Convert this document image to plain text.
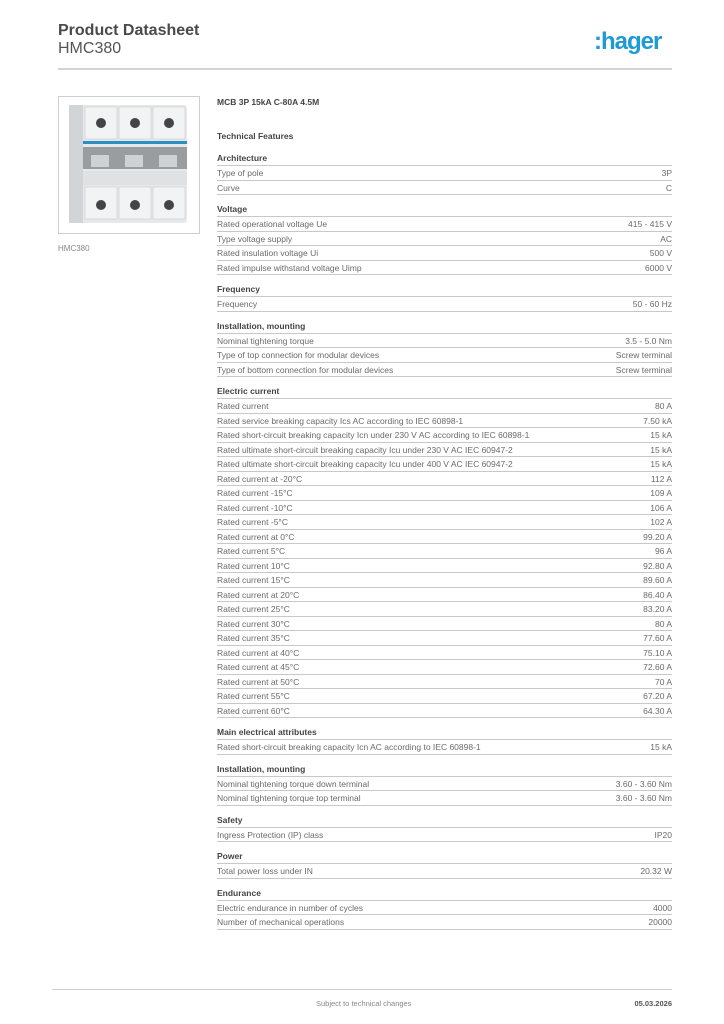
Product Datasheet
HMC380	:hager
HMC380
MCB 3P 15kA C-80A 4.5M
Technical Features
Architecture
Type of pole	3P
Curve	C
Voltage
Rated operational voltage Ue	415 - 415 V
Type voltage supply	AC
Rated insulation voltage Ui	500 V
Rated impulse withstand voltage Uimp	6000 V
Frequency
Frequency	50 - 60 Hz
Installation, mounting
Nominal tightening torque	3.5 - 5.0 Nm
Type of top connection for modular devices	Screw terminal
Type of bottom connection for modular devices	Screw terminal
Electric current
Rated current	80 A
Rated service breaking capacity Ics AC according to IEC 60898-1	7.50 kA
Rated short-circuit breaking capacity Icn under 230 V AC according to IEC 60898-1	15 kA
Rated ultimate short-circuit breaking capacity Icu under 230 V AC IEC 60947-2	15 kA
Rated ultimate short-circuit breaking capacity Icu under 400 V AC IEC 60947-2	15 kA
Rated current at -20°C	112 A
Rated current -15°C	109 A
Rated current -10°C	106 A
Rated current -5°C	102 A
Rated current at 0°C	99.20 A
Rated current 5°C	96 A
Rated current 10°C	92.80 A
Rated current 15°C	89.60 A
Rated current at 20°C	86.40 A
Rated current 25°C	83.20 A
Rated current 30°C	80 A
Rated current 35°C	77.60 A
Rated current at 40°C	75.10 A
Rated current at 45°C	72.60 A
Rated current at 50°C	70 A
Rated current 55°C	67.20 A
Rated current 60°C	64.30 A
Main electrical attributes
Rated short-circuit breaking capacity Icn AC according to IEC 60898-1	15 kA
Installation, mounting
Nominal tightening torque down terminal	3.60 - 3.60 Nm
Nominal tightening torque top terminal	3.60 - 3.60 Nm
Safety
Ingress Protection (IP) class	IP20
Power
Total power loss under IN	20.32 W
Endurance
Electric endurance in number of cycles	4000
Number of mechanical operations	20000
Subject to technical changes	05.03.2026
